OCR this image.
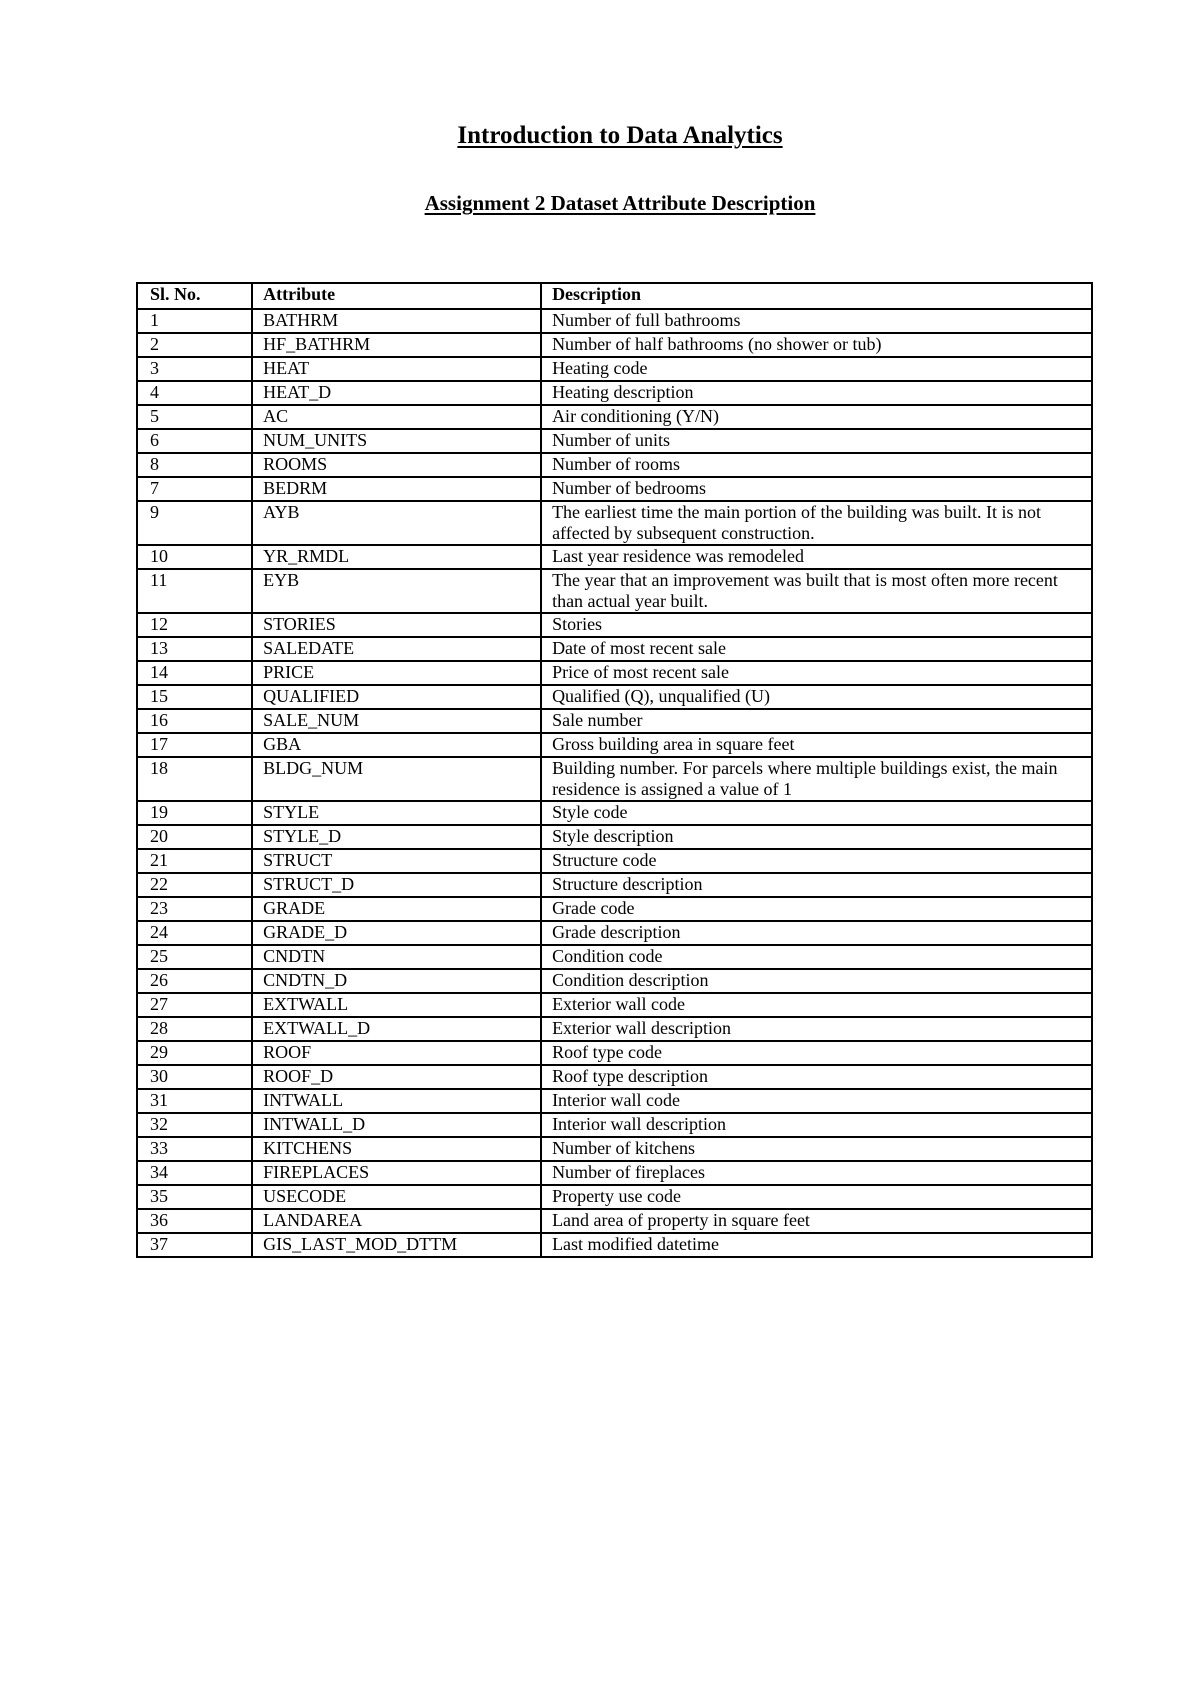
Introduction to Data Analytics
Assignment 2 Dataset Attribute Description
Sl. No.	Attribute	Description
1	BATHRM	Number of full bathrooms
2	HF_BATHRM	Number of half bathrooms (no shower or tub)
3	HEAT	Heating code
4	HEAT_D	Heating description
5	AC	Air conditioning (Y/N)
6	NUM_UNITS	Number of units
8	ROOMS	Number of rooms
7	BEDRM	Number of bedrooms
9	AYB	The earliest time the main portion of the building was built. It is not affected by subsequent construction.
10	YR_RMDL	Last year residence was remodeled
11	EYB	The year that an improvement was built that is most often more recent than actual year built.
12	STORIES	Stories
13	SALEDATE	Date of most recent sale
14	PRICE	Price of most recent sale
15	QUALIFIED	Qualified (Q), unqualified (U)
16	SALE_NUM	Sale number
17	GBA	Gross building area in square feet
18	BLDG_NUM	Building number. For parcels where multiple buildings exist, the main residence is assigned a value of 1
19	STYLE	Style code
20	STYLE_D	Style description
21	STRUCT	Structure code
22	STRUCT_D	Structure description
23	GRADE	Grade code
24	GRADE_D	Grade description
25	CNDTN	Condition code
26	CNDTN_D	Condition description
27	EXTWALL	Exterior wall code
28	EXTWALL_D	Exterior wall description
29	ROOF	Roof type code
30	ROOF_D	Roof type description
31	INTWALL	Interior wall code
32	INTWALL_D	Interior wall description
33	KITCHENS	Number of kitchens
34	FIREPLACES	Number of fireplaces
35	USECODE	Property use code
36	LANDAREA	Land area of property in square feet
37	GIS_LAST_MOD_DTTM	Last modified datetime
